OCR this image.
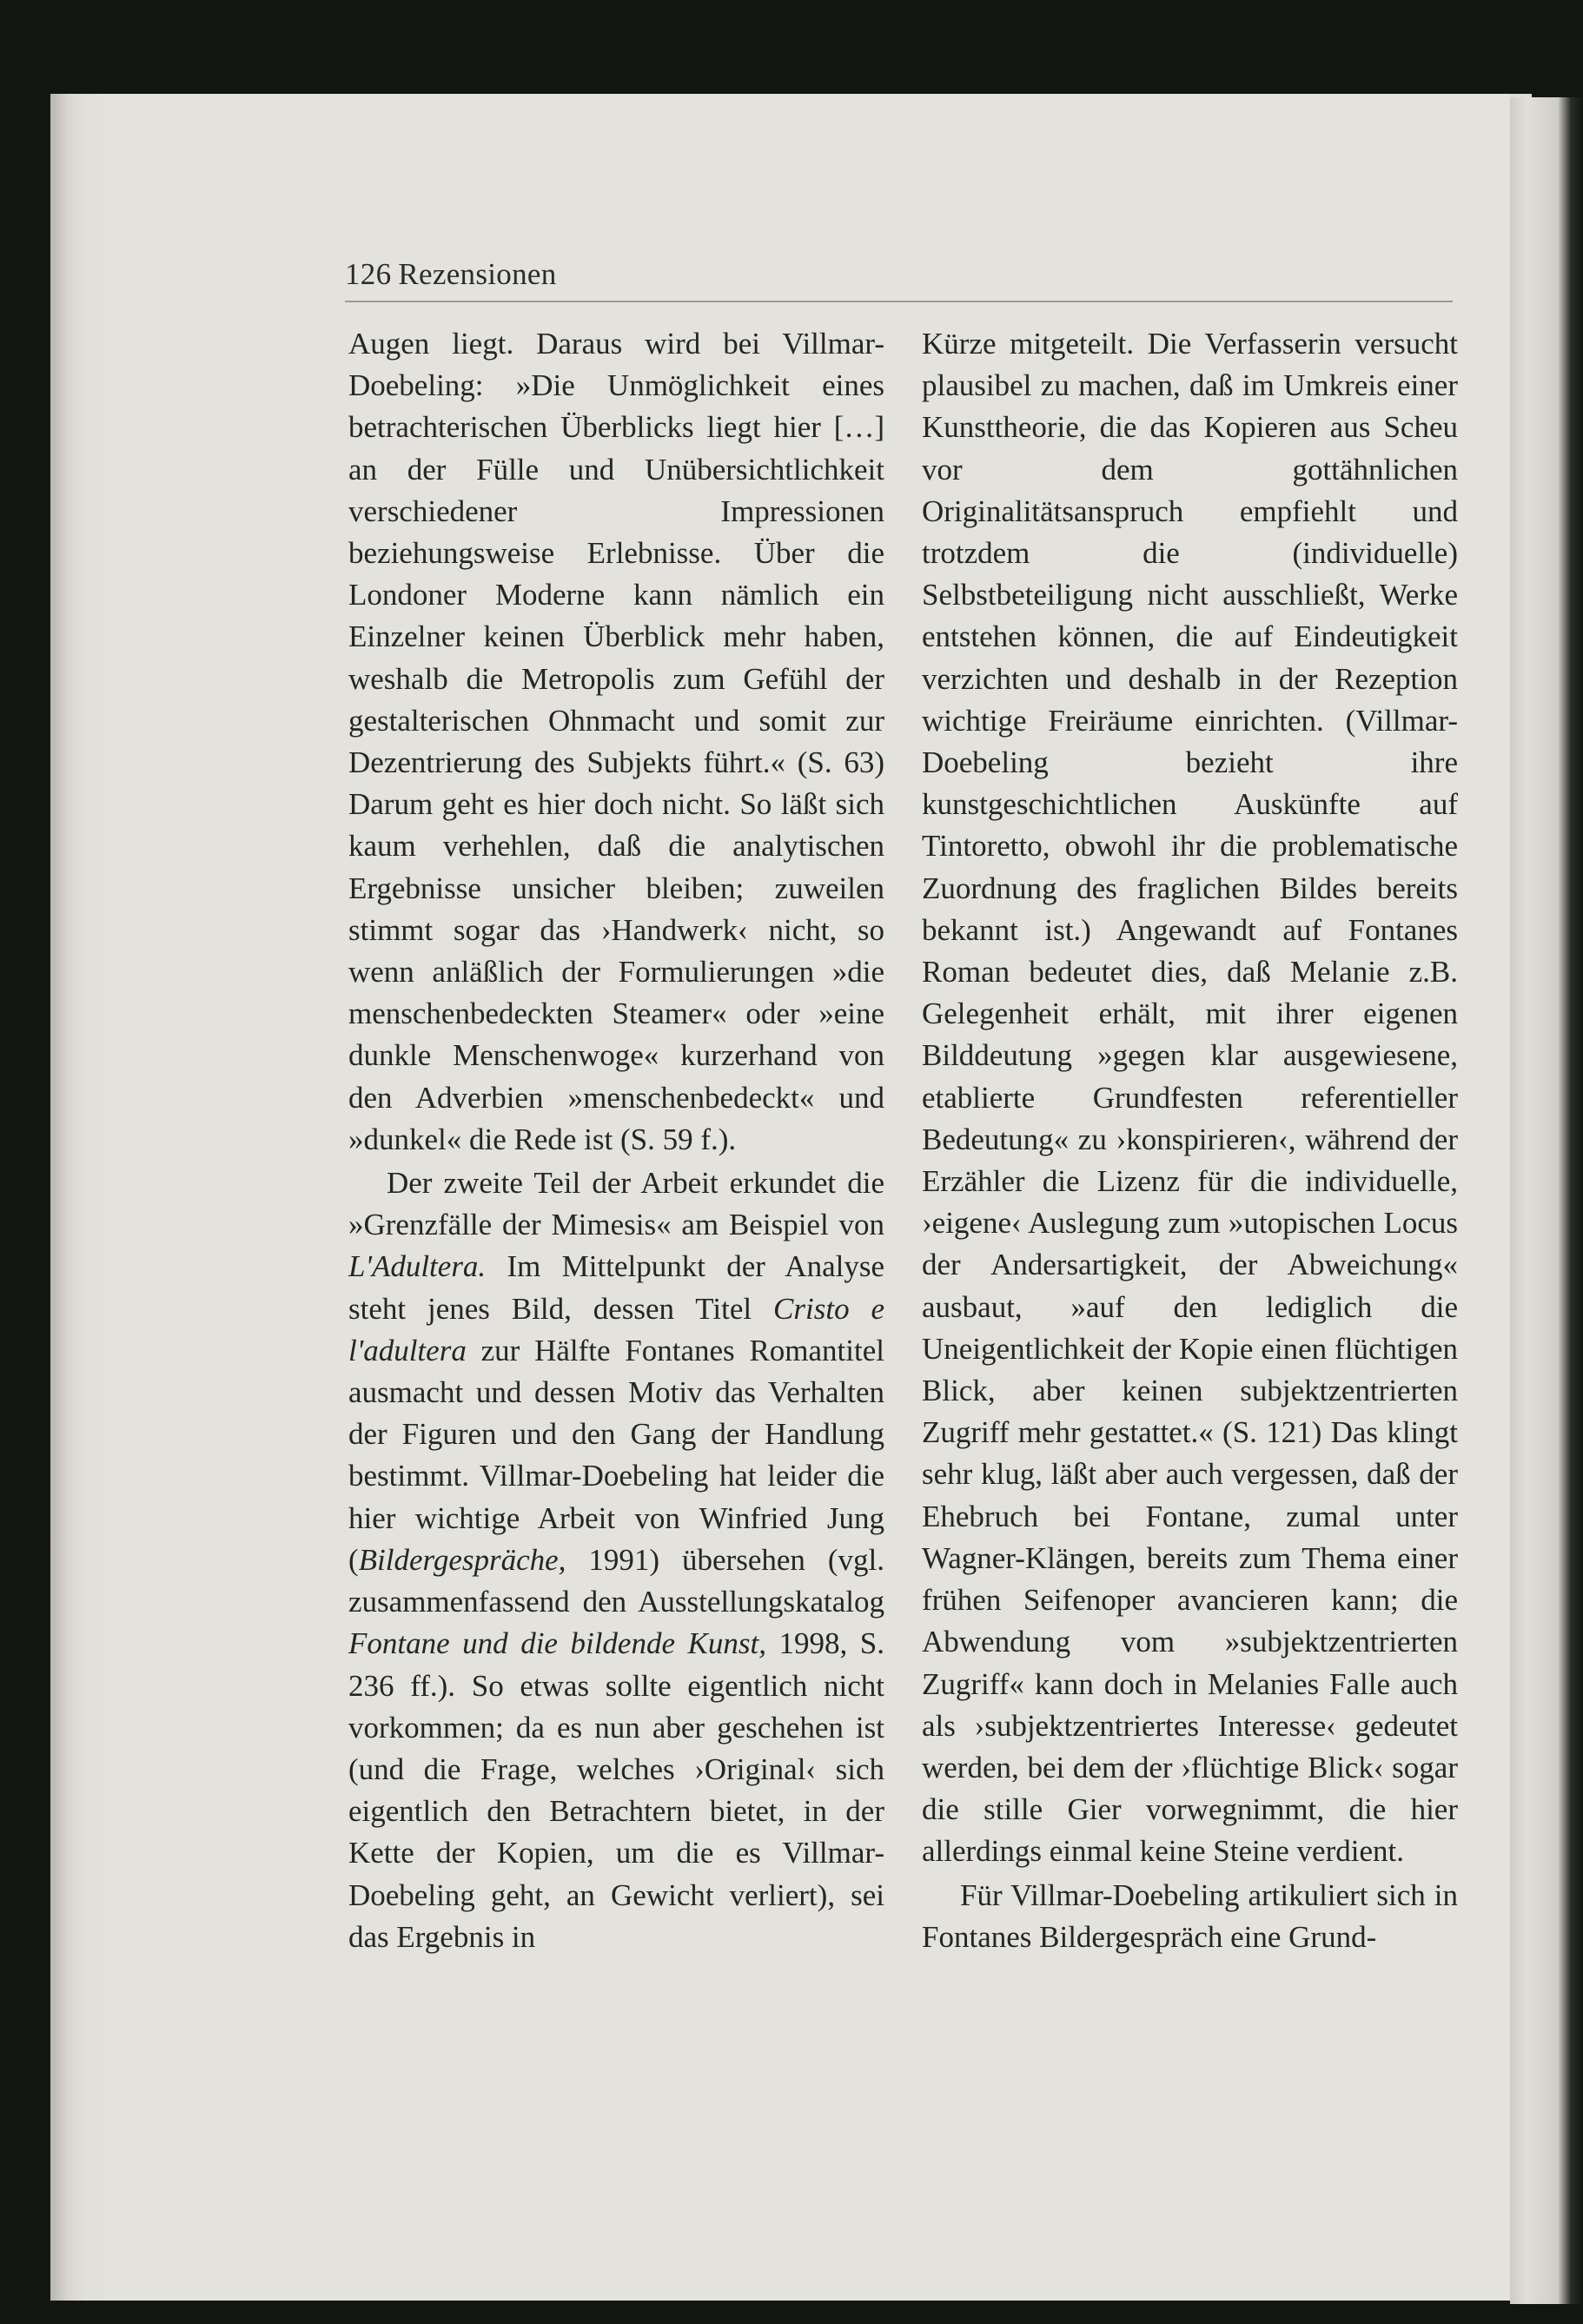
126 Rezensionen

Augen liegt. Daraus wird bei Villmar-Doebeling: »Die Unmöglichkeit eines betrachterischen Überblicks liegt hier […] an der Fülle und Unübersichtlichkeit verschiedener Impressionen beziehungsweise Erlebnisse. Über die Londoner Moderne kann nämlich ein Einzelner keinen Überblick mehr haben, weshalb die Metropolis zum Gefühl der gestalterischen Ohnmacht und somit zur Dezentrierung des Subjekts führt.« (S. 63) Darum geht es hier doch nicht. So läßt sich kaum verhehlen, daß die analytischen Ergebnisse unsicher bleiben; zuweilen stimmt sogar das ›Handwerk‹ nicht, so wenn anläßlich der Formulierungen »die menschenbedeckten Steamer« oder »eine dunkle Menschenwoge« kurzerhand von den Adverbien »menschenbedeckt« und »dunkel« die Rede ist (S. 59 f.).

Der zweite Teil der Arbeit erkundet die »Grenzfälle der Mimesis« am Beispiel von L'Adultera. Im Mittelpunkt der Analyse steht jenes Bild, dessen Titel Cristo e l'adultera zur Hälfte Fontanes Romantitel ausmacht und dessen Motiv das Verhalten der Figuren und den Gang der Handlung bestimmt. Villmar-Doebeling hat leider die hier wichtige Arbeit von Winfried Jung (Bildergespräche, 1991) übersehen (vgl. zusammenfassend den Ausstellungskatalog Fontane und die bildende Kunst, 1998, S. 236 ff.). So etwas sollte eigentlich nicht vorkommen; da es nun aber geschehen ist (und die Frage, welches ›Original‹ sich eigentlich den Betrachtern bietet, in der Kette der Kopien, um die es Villmar-Doebeling geht, an Gewicht verliert), sei das Ergebnis in

Kürze mitgeteilt. Die Verfasserin versucht plausibel zu machen, daß im Umkreis einer Kunsttheorie, die das Kopieren aus Scheu vor dem gottähnlichen Originalitätsanspruch empfiehlt und trotzdem die (individuelle) Selbstbeteiligung nicht ausschließt, Werke entstehen können, die auf Eindeutigkeit verzichten und deshalb in der Rezeption wichtige Freiräume einrichten. (Villmar-Doebeling bezieht ihre kunstgeschichtlichen Auskünfte auf Tintoretto, obwohl ihr die problematische Zuordnung des fraglichen Bildes bereits bekannt ist.) Angewandt auf Fontanes Roman bedeutet dies, daß Melanie z.B. Gelegenheit erhält, mit ihrer eigenen Bilddeutung »gegen klar ausgewiesene, etablierte Grundfesten referentieller Bedeutung« zu ›konspirieren‹, während der Erzähler die Lizenz für die individuelle, ›eigene‹ Auslegung zum »utopischen Locus der Andersartigkeit, der Abweichung« ausbaut, »auf den lediglich die Uneigentlichkeit der Kopie einen flüchtigen Blick, aber keinen subjektzentrierten Zugriff mehr gestattet.« (S. 121) Das klingt sehr klug, läßt aber auch vergessen, daß der Ehebruch bei Fontane, zumal unter Wagner-Klängen, bereits zum Thema einer frühen Seifenoper avancieren kann; die Abwendung vom »subjektzentrierten Zugriff« kann doch in Melanies Falle auch als ›subjektzentriertes Interesse‹ gedeutet werden, bei dem der ›flüchtige Blick‹ sogar die stille Gier vorwegnimmt, die hier allerdings einmal keine Steine verdient.

Für Villmar-Doebeling artikuliert sich in Fontanes Bildergespräch eine Grund-
